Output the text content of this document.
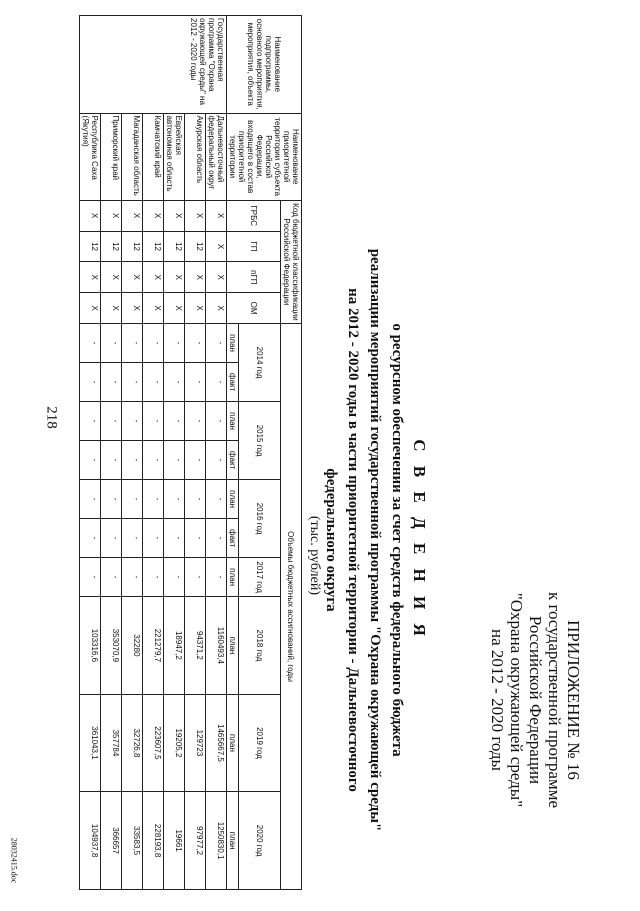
218
28032415.doc
ПРИЛОЖЕНИЕ № 16
к государственной программе
Российской Федерации
"Охрана окружающей среды"
на 2012 - 2020 годы
С В Е Д Е Н И Я
о ресурсном обеспечении за счет средств федерального бюджета
реализации мероприятий государственной программы "Охрана окружающей среды"
на 2012 - 2020 годы в части приоритетной территории - Дальневосточного федерального округа
(тыс. рублей)
Наименование подпрограммы, основного мероприятия, мероприятия, объекта	Наименование приоритетной территории субъекта Российской Федерации, входящего в состав приоритетной территории	Код бюджетной классификации Российской Федерации				Объемы бюджетных ассигнований, годы									
		ГРБС	ГП	пГП	ОМ	2014 год		2015 год		2016 год		2017 год	2018 год	2019 год	2020 год
						план	факт	план	факт	план	факт	план	план	план	план
Государственная программа "Охрана окружающей среды" на 2012 - 2020 годы	Дальневосточный федеральный округ	X	X	X	X	-	-	-	-	-	-	-	1160493,4	1465667,5	1250830,1
	Амурская область	X	12	X	X	-	-	-	-	-	-	-	94371,2	129723	97977,2
	Еврейская автономная область	X	12	X	X	-	-	-	-	-	-	-	18947,2	19205,2	19661
	Камчатский край	X	12	X	X	-	-	-	-	-	-	-	221279,7	223607,5	228193,8
	Магаданская область	X	12	X	X	-	-	-	-	-	-	-	32280	32726,8	33583,5
	Приморский край	X	12	X	X	-	-	-	-	-	-	-	353070,9	357784	366657
	Республика Саха (Якутия)	X	12	X	X	-	-	-	-	-	-	-	103316,6	361043,1	104937,8
